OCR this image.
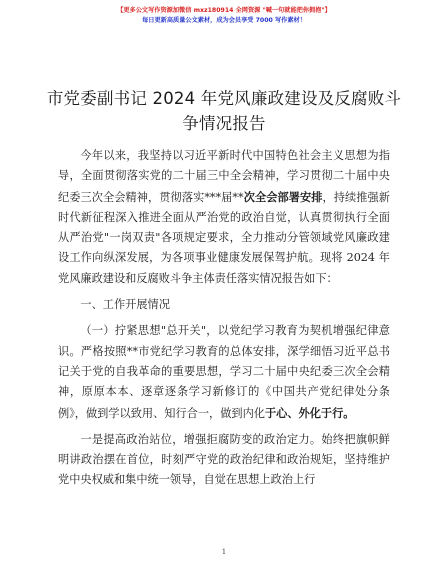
【更多公文写作资源加微信 mxz180914 全网资源 "喊一句就能把你拥抱"】
每日更新高质量公文素材，成为会员享受 7000 写作素材！
市党委副书记 2024 年党风廉政建设及反腐败斗
争情况报告

今年以来，我坚持以习近平新时代中国特色社会主义思想为指导，全面贯彻落实党的二十届三中全会精神，学习贯彻二十届中央纪委三次全会精神，贯彻落实***届**次全会部署安排，持续推强新时代新征程深入推进全面从严治党的政治自觉，认真贯彻执行全面从严治党"一岗双责"各项规定要求，全力推动分管领域党风廉政建设工作向纵深发展，为各项事业健康发展保驾护航。现将 2024 年党风廉政建设和反腐败斗争主体责任落实情况报告如下：

一、工作开展情况

（一）拧紧思想"总开关"，以党纪学习教育为契机增强纪律意识。严格按照**市党纪学习教育的总体安排，深学细悟习近平总书记关于党的自我革命的重要思想，学习二十届中央纪委三次全会精神，原原本本、逐章逐条学习新修订的《中国共产党纪律处分条例》，做到学以致用、知行合一，做到内化于心、外化于行。

一是提高政治站位，增强拒腐防变的政治定力。始终把旗帜鲜明讲政治摆在首位，时刻严守党的政治纪律和政治规矩，坚持维护党中央权威和集中统一领导，自觉在思想上政治上行

1
